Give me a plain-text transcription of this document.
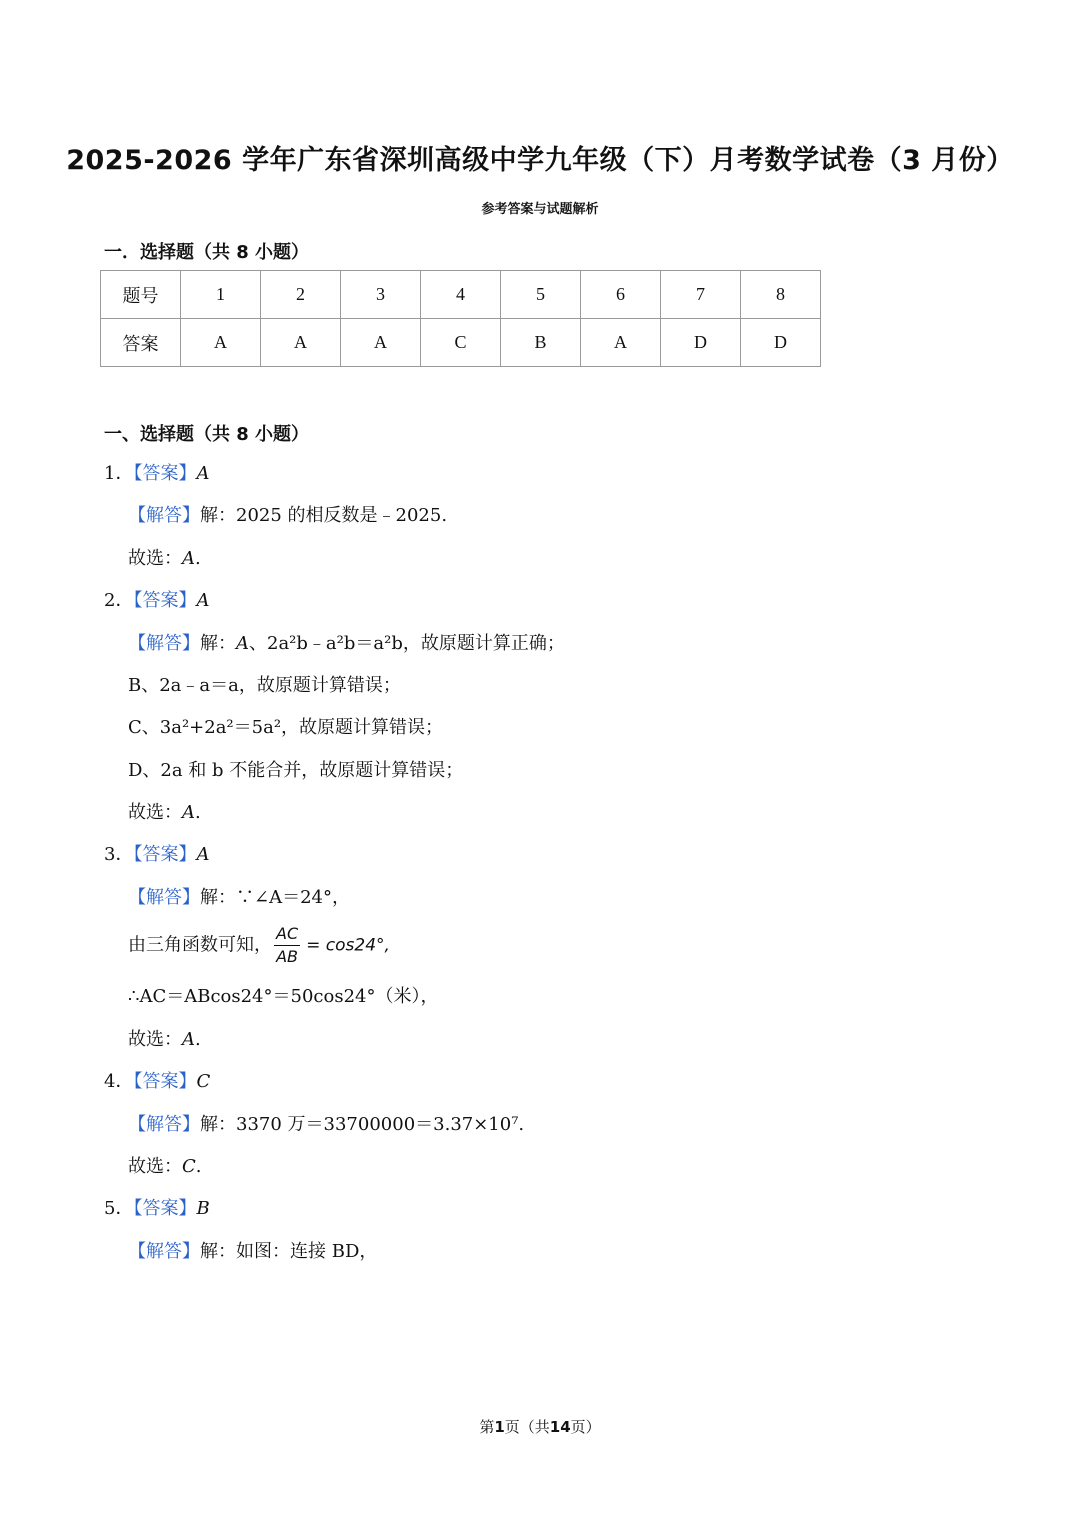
2025-2026 学年广东省深圳高级中学九年级（下）月考数学试卷（3 月份）
参考答案与试题解析
一．选择题（共 8 小题）
题号	1	2	3	4	5	6	7	8
答案	A	A	A	C	B	A	D	D
一、选择题（共 8 小题）
1．【答案】A
【解答】解：2025 的相反数是﹣2025.
故选：A.
2．【答案】A
【解答】解：A、2a²b﹣a²b＝a²b，故原题计算正确；
B、2a﹣a＝a，故原题计算错误；
C、3a²+2a²＝5a²，故原题计算错误；
D、2a 和 b 不能合并，故原题计算错误；
故选：A.
3．【答案】A
【解答】解：∵∠A＝24°，
由三角函数可知， $\frac{AC}{AB} = \cos 24^\circ$,
∴AC＝ABcos24°＝50cos24°（米），
故选：A.
4．【答案】C
【解答】解：3370 万＝33700000＝3.37×10⁷.
故选：C.
5．【答案】B
【解答】解：如图：连接 BD，
第1页（共14页）
